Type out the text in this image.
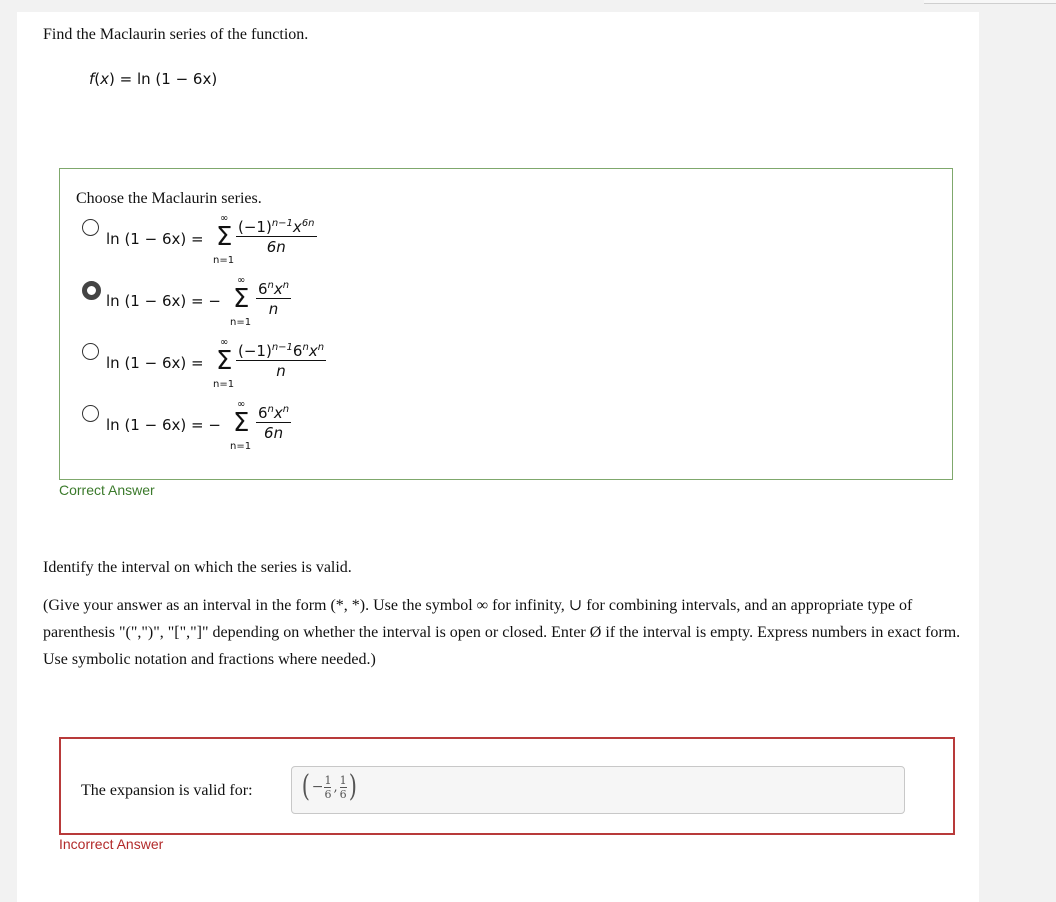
Find the Maclaurin series of the function.
f(x) = ln (1 − 6x)
Choose the Maclaurin series.
ln (1 − 6x) =
∞
Σ
n=1
$(-1)^{n-1}x^{6n}$
6n
ln (1 − 6x) = −
∞
Σ
n=1
$6^nx^n$
n
ln (1 − 6x) =
∞
Σ
n=1
$(-1)^{n-1}6^nx^n$
n
ln (1 − 6x) = −
∞
Σ
n=1
$6^nx^n$
6n
Correct Answer
Identify the interval on which the series is valid.
(Give your answer as an interval in the form (*, *). Use the symbol ∞ for infinity, ∪ for combining intervals, and an appropriate type of parenthesis "(",")", "[","]" depending on whether the interval is open or closed. Enter Ø if the interval is empty. Express numbers in exact form. Use symbolic notation and fractions where needed.)
The expansion is valid for: ( − 1
6 , 1
6 )
Incorrect Answer
